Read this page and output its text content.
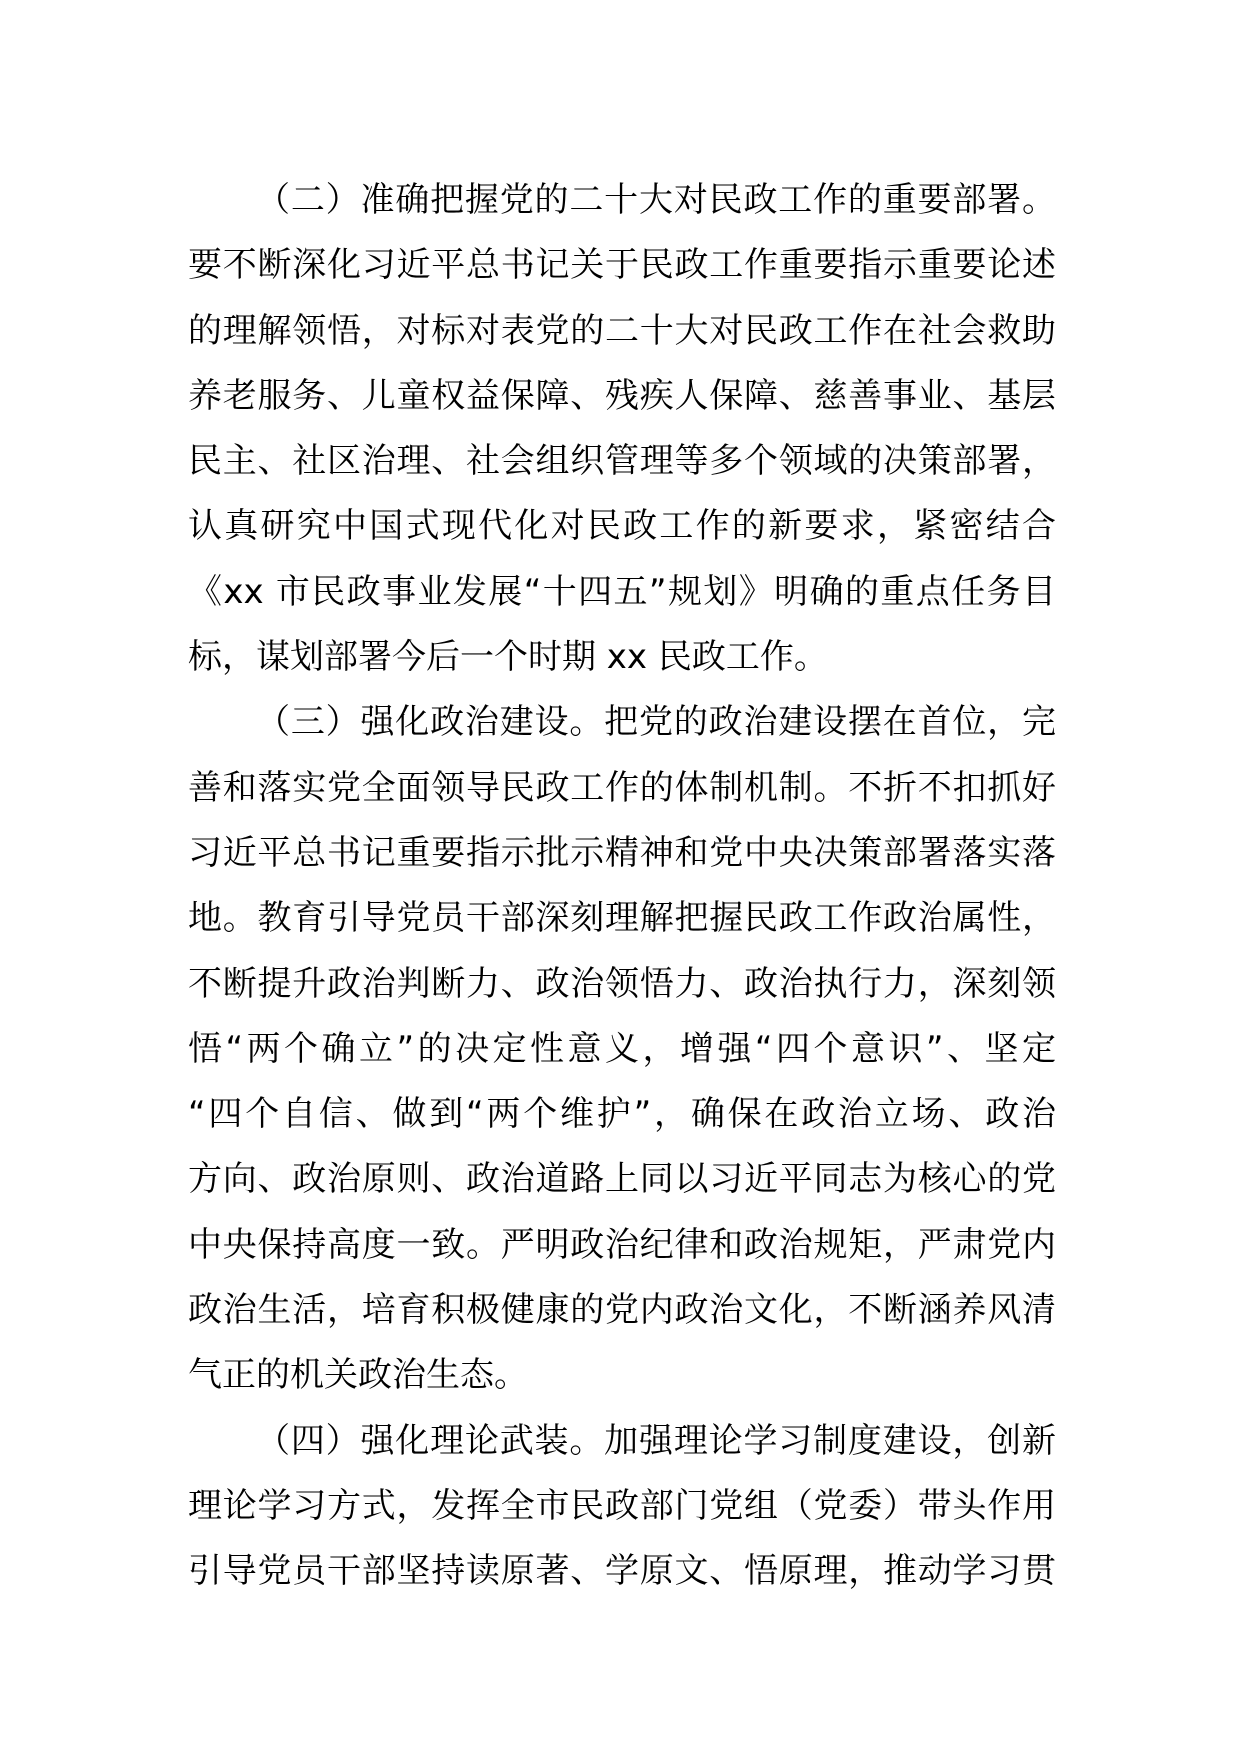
（二）准确把握党的二十大对民政工作的重要部署。
要不断深化习近平总书记关于民政工作重要指示重要论述
的理解领悟，对标对表党的二十大对民政工作在社会救助
养老服务、儿童权益保障、残疾人保障、慈善事业、基层
民主、社区治理、社会组织管理等多个领域的决策部署，
认真研究中国式现代化对民政工作的新要求，紧密结合
《xx 市民政事业发展“十四五”规划》明确的重点任务目
标，谋划部署今后一个时期 xx 民政工作。
（三）强化政治建设。把党的政治建设摆在首位，完
善和落实党全面领导民政工作的体制机制。不折不扣抓好
习近平总书记重要指示批示精神和党中央决策部署落实落
地。教育引导党员干部深刻理解把握民政工作政治属性，
不断提升政治判断力、政治领悟力、政治执行力，深刻领
悟“两个确立”的决定性意义，增强“四个意识”、坚定
“四个自信、做到“两个维护”，确保在政治立场、政治
方向、政治原则、政治道路上同以习近平同志为核心的党
中央保持高度一致。严明政治纪律和政治规矩，严肃党内
政治生活，培育积极健康的党内政治文化，不断涵养风清
气正的机关政治生态。
（四）强化理论武装。加强理论学习制度建设，创新
理论学习方式，发挥全市民政部门党组（党委）带头作用
引导党员干部坚持读原著、学原文、悟原理，推动学习贯
